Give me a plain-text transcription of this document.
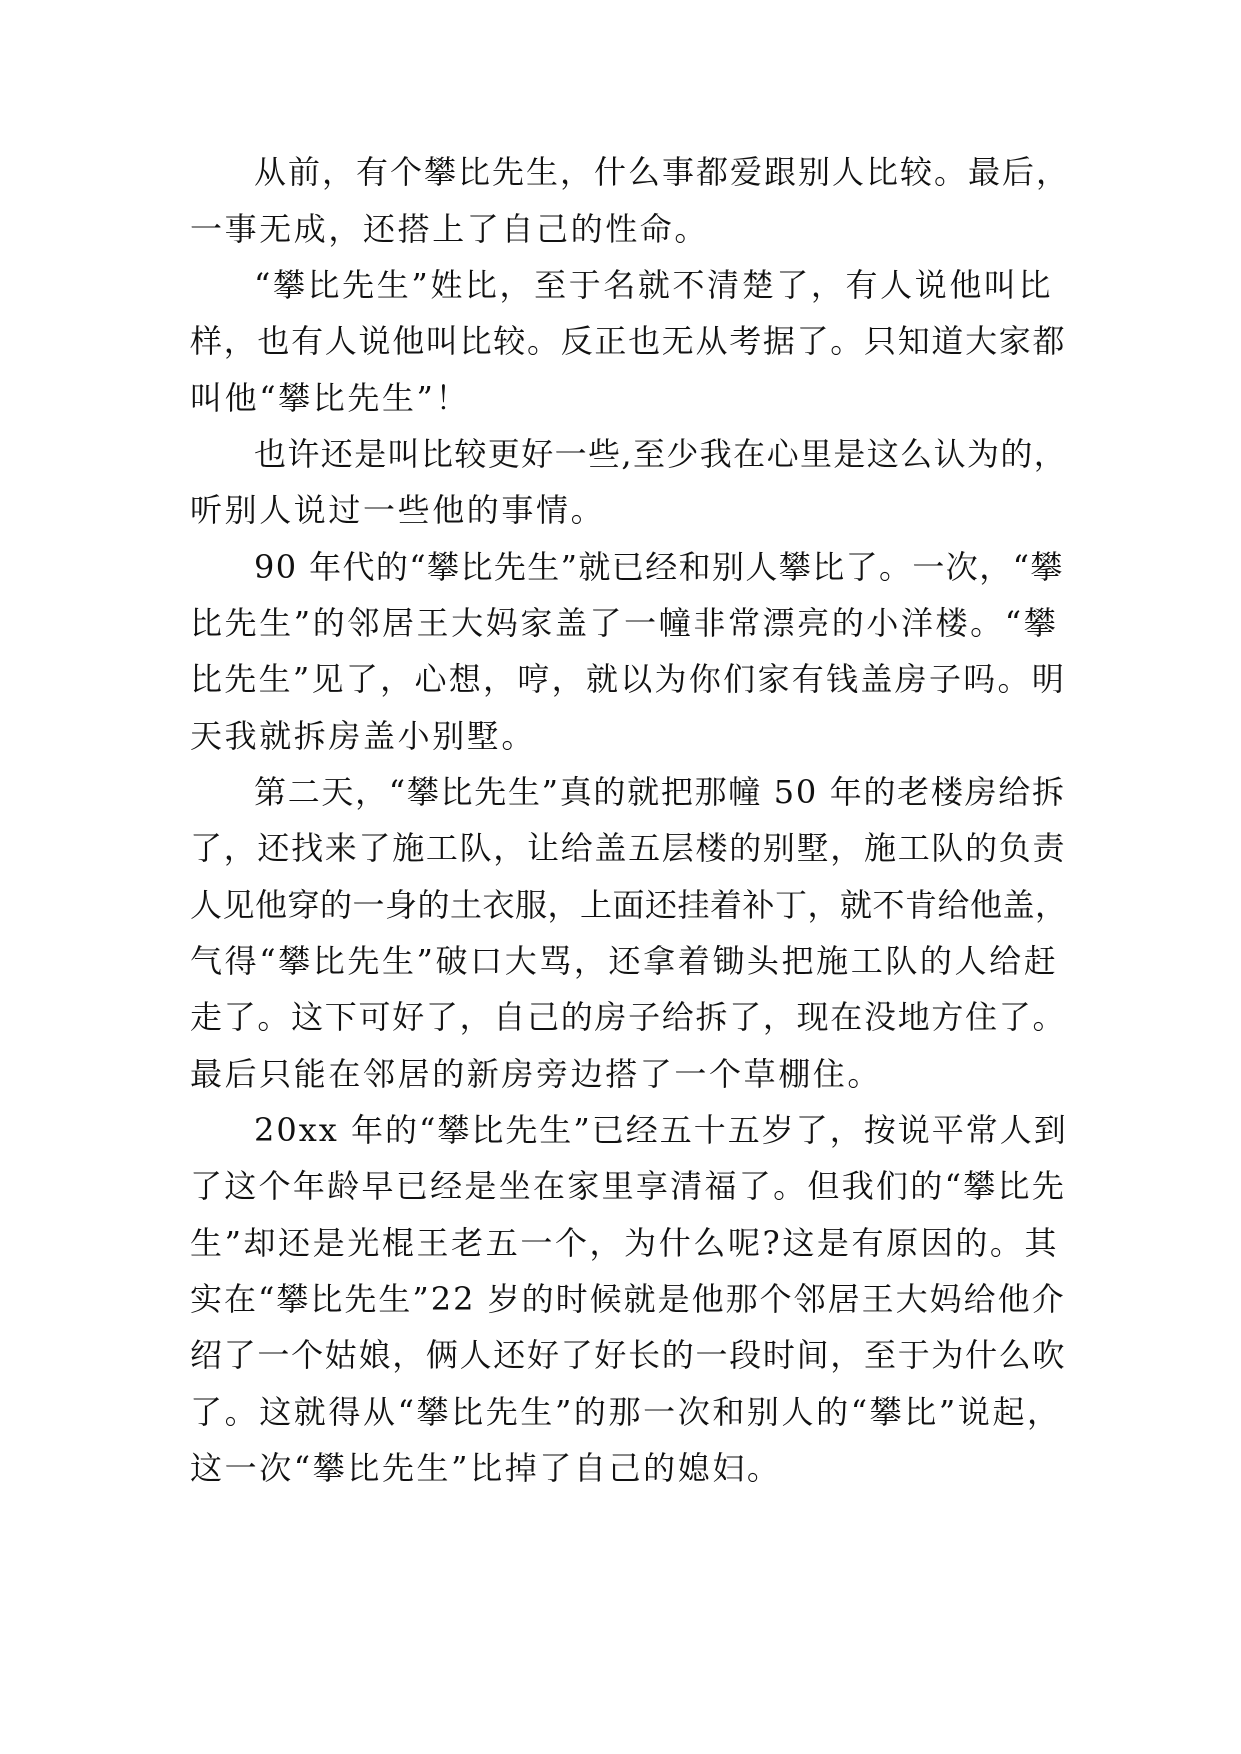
从前，有个攀比先生，什么事都爱跟别人比较。最后，
一事无成，还搭上了自己的性命。
“攀比先生”姓比，至于名就不清楚了，有人说他叫比
样，也有人说他叫比较。反正也无从考据了。只知道大家都
叫他“攀比先生”！
也许还是叫比较更好一些,至少我在心里是这么认为的，
听别人说过一些他的事情。
90 年代的“攀比先生”就已经和别人攀比了。一次，“攀
比先生”的邻居王大妈家盖了一幢非常漂亮的小洋楼。“攀
比先生”见了，心想，哼，就以为你们家有钱盖房子吗。明
天我就拆房盖小别墅。
第二天，“攀比先生”真的就把那幢 50 年的老楼房给拆
了，还找来了施工队，让给盖五层楼的别墅，施工队的负责
人见他穿的一身的土衣服，上面还挂着补丁，就不肯给他盖，
气得“攀比先生”破口大骂，还拿着锄头把施工队的人给赶
走了。这下可好了，自己的房子给拆了，现在没地方住了。
最后只能在邻居的新房旁边搭了一个草棚住。
20xx 年的“攀比先生”已经五十五岁了，按说平常人到
了这个年龄早已经是坐在家里享清福了。但我们的“攀比先
生”却还是光棍王老五一个，为什么呢?这是有原因的。其
实在“攀比先生”22 岁的时候就是他那个邻居王大妈给他介
绍了一个姑娘，俩人还好了好长的一段时间，至于为什么吹
了。这就得从“攀比先生”的那一次和别人的“攀比”说起，
这一次“攀比先生”比掉了自己的媳妇。
